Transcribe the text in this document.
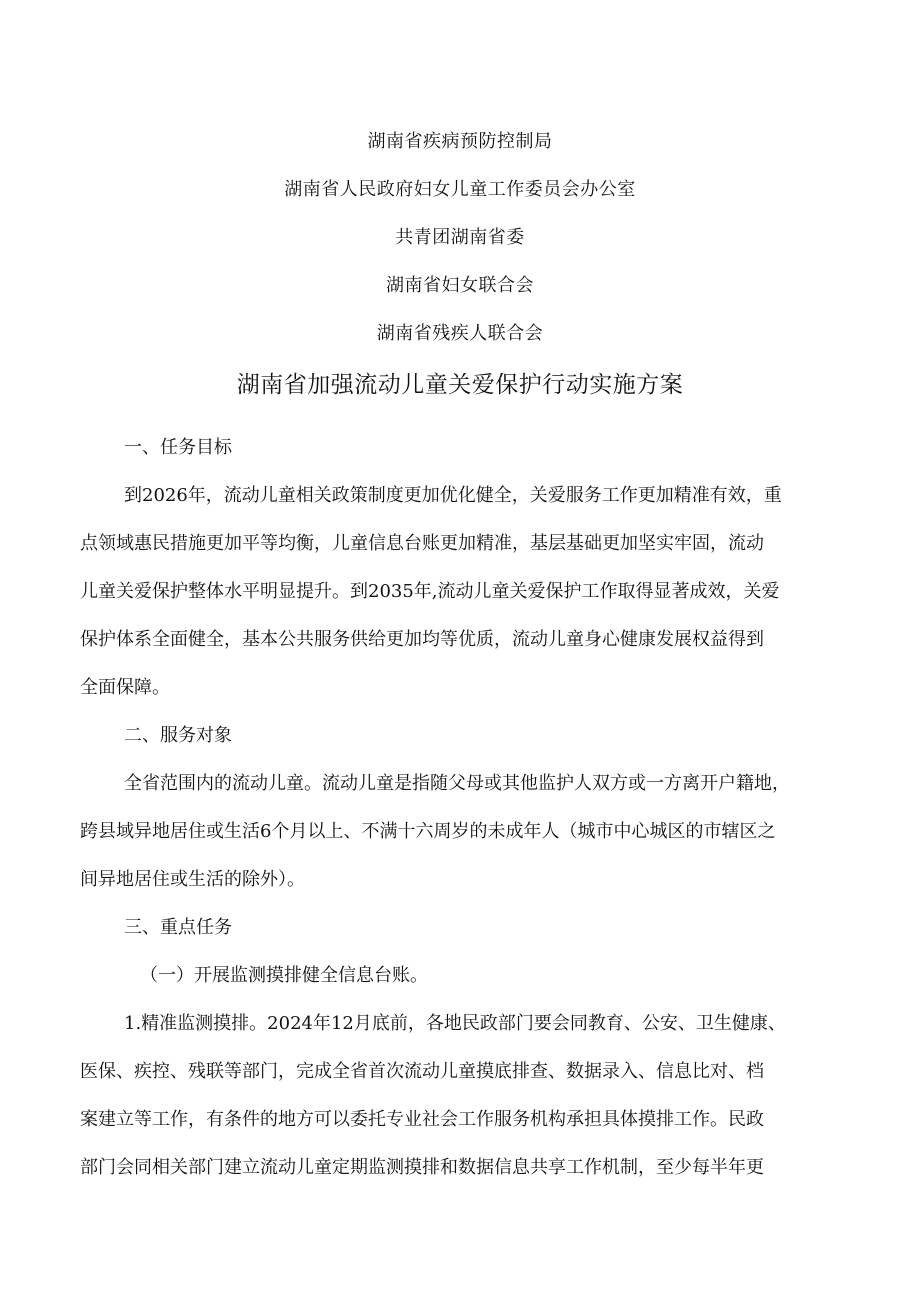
湖南省疾病预防控制局
湖南省人民政府妇女儿童工作委员会办公室
共青团湖南省委
湖南省妇女联合会
湖南省残疾人联合会
湖南省加强流动儿童关爱保护行动实施方案
一、任务目标
到2026年，流动儿童相关政策制度更加优化健全，关爱服务工作更加精准有效，重
点领域惠民措施更加平等均衡，儿童信息台账更加精准，基层基础更加坚实牢固，流动
儿童关爱保护整体水平明显提升。到2035年,流动儿童关爱保护工作取得显著成效，关爱
保护体系全面健全，基本公共服务供给更加均等优质，流动儿童身心健康发展权益得到
全面保障。
二、服务对象
全省范围内的流动儿童。流动儿童是指随父母或其他监护人双方或一方离开户籍地，
跨县域异地居住或生活6个月以上、不满十六周岁的未成年人（城市中心城区的市辖区之
间异地居住或生活的除外）。
三、重点任务
（一）开展监测摸排健全信息台账。
1.精准监测摸排。2024年12月底前，各地民政部门要会同教育、公安、卫生健康、
医保、疾控、残联等部门，完成全省首次流动儿童摸底排查、数据录入、信息比对、档
案建立等工作，有条件的地方可以委托专业社会工作服务机构承担具体摸排工作。民政
部门会同相关部门建立流动儿童定期监测摸排和数据信息共享工作机制，至少每半年更
